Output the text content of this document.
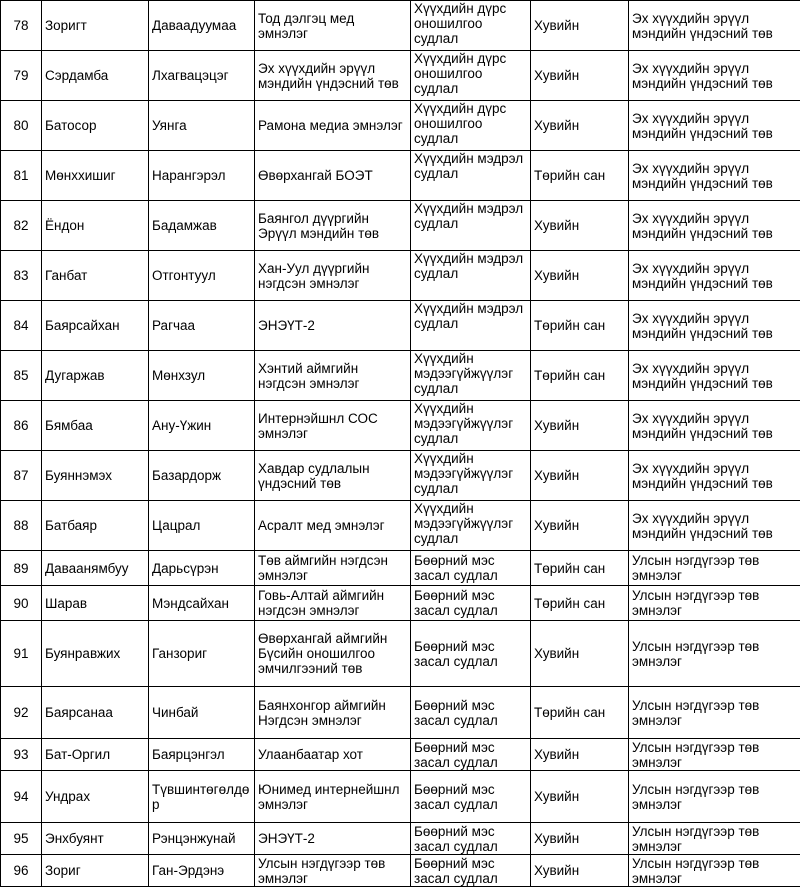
78	Зоригт	Даваадуумаа	Тод дэлгэц мед эмнэлэг	Хүүхдийн дүрс оношилгоо судлал	Хувийн	Эх хүүхдийн эрүүл мэндийн үндэсний төв
79	Сэрдамба	Лхагвацэцэг	Эх хүүхдийн эрүүл мэндийн үндэсний төв	Хүүхдийн дүрс оношилгоо судлал	Хувийн	Эх хүүхдийн эрүүл мэндийн үндэсний төв
80	Батосор	Уянга	Рамона медиа эмнэлэг	Хүүхдийн дүрс оношилгоо судлал	Хувийн	Эх хүүхдийн эрүүл мэндийн үндэсний төв
81	Мөнххишиг	Нарангэрэл	Өвөрхангай БОЭТ	Хүүхдийн мэдрэл судлал	Төрийн сан	Эх хүүхдийн эрүүл мэндийн үндэсний төв
82	Ёндон	Бадамжав	Баянгол дүүргийн Эрүүл мэндийн төв	Хүүхдийн мэдрэл судлал	Хувийн	Эх хүүхдийн эрүүл мэндийн үндэсний төв
83	Ганбат	Отгонтуул	Хан-Уул дүүргийн нэгдсэн эмнэлэг	Хүүхдийн мэдрэл судлал	Хувийн	Эх хүүхдийн эрүүл мэндийн үндэсний төв
84	Баярсайхан	Рагчаа	ЭНЭҮТ-2	Хүүхдийн мэдрэл судлал	Төрийн сан	Эх хүүхдийн эрүүл мэндийн үндэсний төв
85	Дугаржав	Мөнхзул	Хэнтий аймгийн нэгдсэн эмнэлэг	Хүүхдийн мэдээгүйжүүлэг судлал	Төрийн сан	Эх хүүхдийн эрүүл мэндийн үндэсний төв
86	Бямбаа	Ану-Үжин	Интернэйшнл СОС эмнэлэг	Хүүхдийн мэдээгүйжүүлэг судлал	Хувийн	Эх хүүхдийн эрүүл мэндийн үндэсний төв
87	Буяннэмэх	Базардорж	Хавдар судлалын үндэсний төв	Хүүхдийн мэдээгүйжүүлэг судлал	Хувийн	Эх хүүхдийн эрүүл мэндийн үндэсний төв
88	Батбаяр	Цацрал	Асралт мед эмнэлэг	Хүүхдийн мэдээгүйжүүлэг судлал	Хувийн	Эх хүүхдийн эрүүл мэндийн үндэсний төв
89	Даваанямбуу	Дарьсүрэн	Төв аймгийн нэгдсэн эмнэлэг	Бөөрний мэс засал судлал	Төрийн сан	Улсын нэгдүгээр төв эмнэлэг
90	Шарав	Мэндсайхан	Говь-Алтай аймгийн нэгдсэн эмнэлэг	Бөөрний мэс засал судлал	Төрийн сан	Улсын нэгдүгээр төв эмнэлэг
91	Буянравжих	Ганзориг	Өвөрхангай аймгийн Бүсийн оношилгоо эмчилгээний төв	Бөөрний мэс засал судлал	Хувийн	Улсын нэгдүгээр төв эмнэлэг
92	Баярсанаа	Чинбай	Баянхонгор аймгийн Нэгдсэн эмнэлэг	Бөөрний мэс засал судлал	Төрийн сан	Улсын нэгдүгээр төв эмнэлэг
93	Бат-Оргил	Баярцэнгэл	Улаанбаатар хот	Бөөрний мэс засал судлал	Хувийн	Улсын нэгдүгээр төв эмнэлэг
94	Ундрах	Түвшинтөгөлдөр	Юнимед интернейшнл эмнэлэг	Бөөрний мэс засал судлал	Хувийн	Улсын нэгдүгээр төв эмнэлэг
95	Энхбуянт	Рэнцэнжунай	ЭНЭҮТ-2	Бөөрний мэс засал судлал	Хувийн	Улсын нэгдүгээр төв эмнэлэг
96	Зориг	Ган-Эрдэнэ	Улсын нэгдүгээр төв эмнэлэг	Бөөрний мэс засал судлал	Хувийн	Улсын нэгдүгээр төв эмнэлэг
